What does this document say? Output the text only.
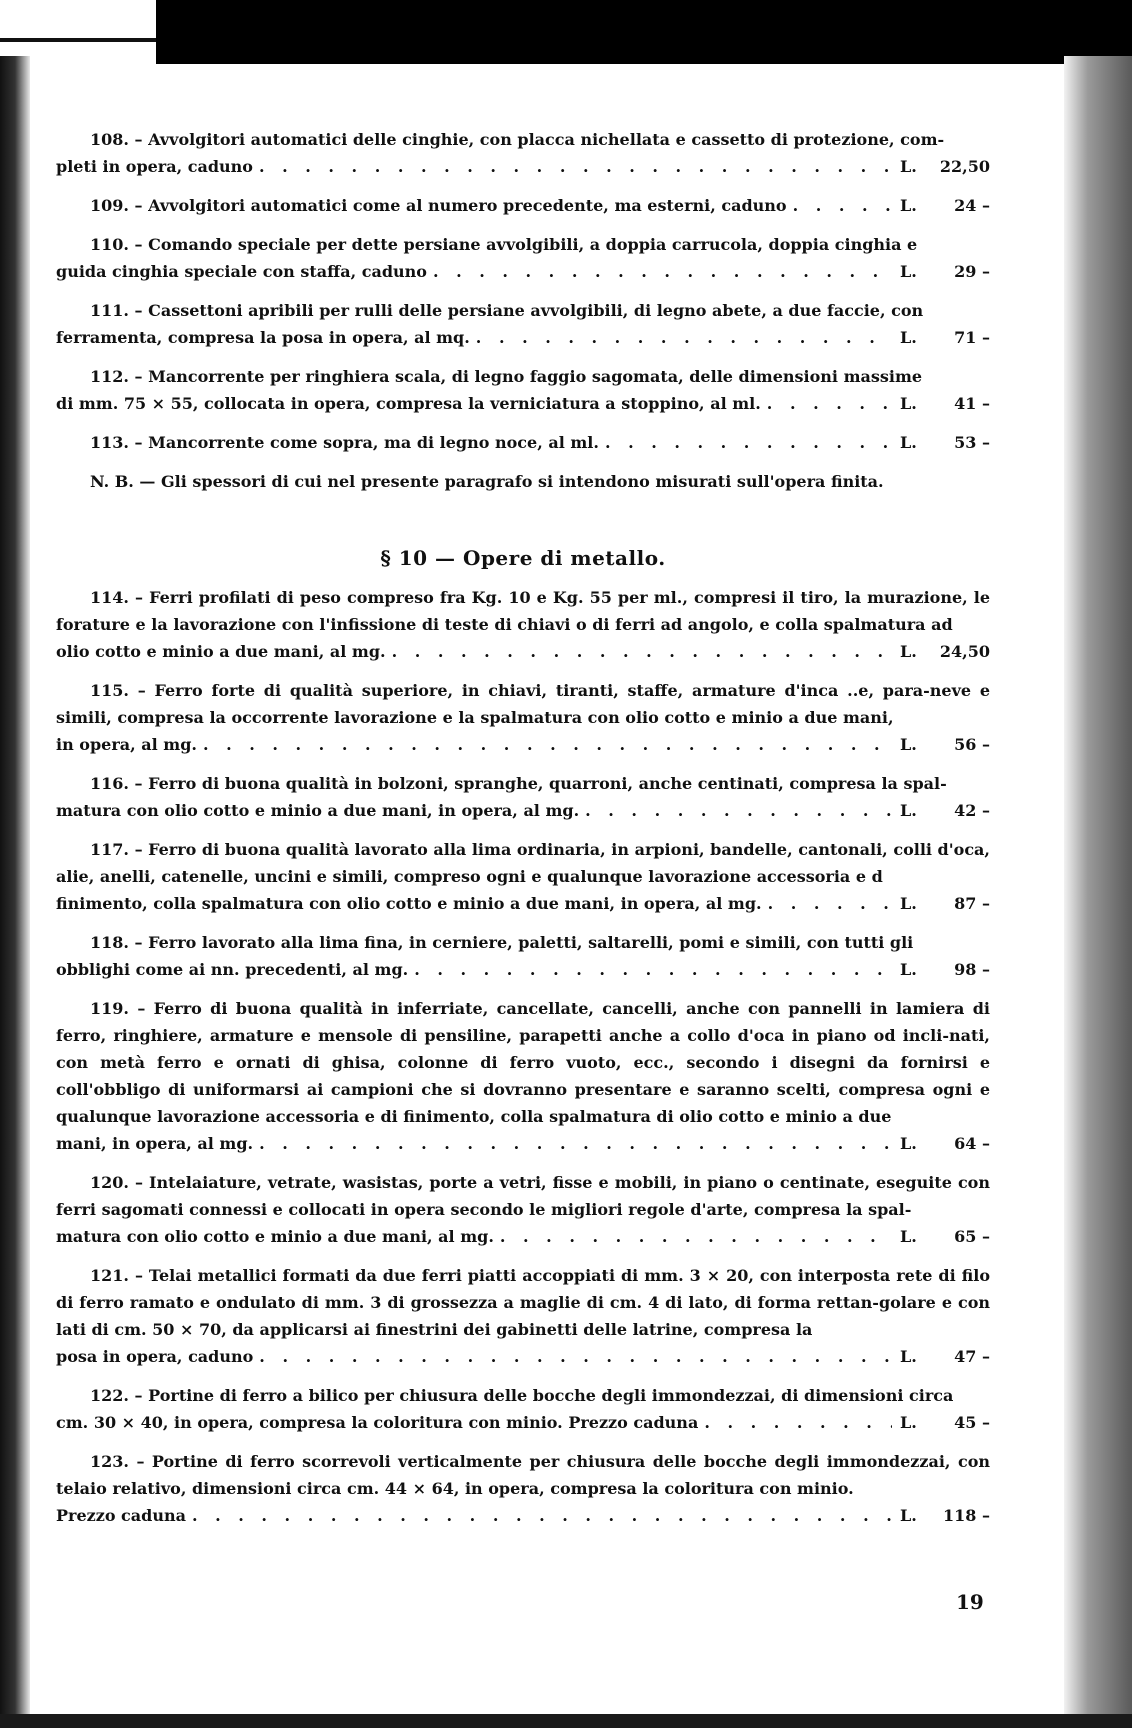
108. – Avvolgitori automatici delle cinghie, con placca nichellata e cassetto di protezione, com-

pleti in opera, caduno . . .	L. 22,50
109. – Avvolgitori automatici come al numero precedente, ma esterni, caduno . . .	L. 24 –

110. – Comando speciale per dette persiane avvolgibili, a doppia carrucola, doppia cinghia e

guida cinghia speciale con staffa, caduno . . .	L. 29 –

111. – Cassettoni apribili per rulli delle persiane avvolgibili, di legno abete, a due faccie, con

ferramenta, compresa la posa in opera, al mq. . . .	L. 71 –

112. – Mancorrente per ringhiera scala, di legno faggio sagomata, delle dimensioni massime

di mm. 75 × 55, collocata in opera, compresa la verniciatura a stoppino, al ml. . . .	L. 41 –
113. – Mancorrente come sopra, ma di legno noce, al ml. . . .	L. 53 –

N. B. — Gli spessori di cui nel presente paragrafo si intendono misurati sull'opera finita.

§ 10 — Opere di metallo.

114. – Ferri profilati di peso compreso fra Kg. 10 e Kg. 55 per ml., compresi il tiro, la murazione, le forature e la lavorazione con l'infissione di teste di chiavi o di ferri ad angolo, e colla spalmatura ad

olio cotto e minio a due mani, al mg. . . .	L. 24,50

115. – Ferro forte di qualità superiore, in chiavi, tiranti, staffe, armature d'inca ..e, para-neve e simili, compresa la occorrente lavorazione e la spalmatura con olio cotto e minio a due mani,

in opera, al mg. . . .	L. 56 –

116. – Ferro di buona qualità in bolzoni, spranghe, quarroni, anche centinati, compresa la spal-

matura con olio cotto e minio a due mani, in opera, al mg. . . .	L. 42 –

117. – Ferro di buona qualità lavorato alla lima ordinaria, in arpioni, bandelle, cantonali, colli d'oca, alie, anelli, catenelle, uncini e simili, compreso ogni e qualunque lavorazione accessoria e d

finimento, colla spalmatura con olio cotto e minio a due mani, in opera, al mg. . . .	L. 87 –

118. – Ferro lavorato alla lima fina, in cerniere, paletti, saltarelli, pomi e simili, con tutti gli

obblighi come ai nn. precedenti, al mg. . . .	L. 98 –

119. – Ferro di buona qualità in inferriate, cancellate, cancelli, anche con pannelli in lamiera di ferro, ringhiere, armature e mensole di pensiline, parapetti anche a collo d'oca in piano od incli-nati, con metà ferro e ornati di ghisa, colonne di ferro vuoto, ecc., secondo i disegni da fornirsi e coll'obbligo di uniformarsi ai campioni che si dovranno presentare e saranno scelti, compresa ogni e qualunque lavorazione accessoria e di finimento, colla spalmatura di olio cotto e minio a due

mani, in opera, al mg. . . .	L. 64 –

120. – Intelaiature, vetrate, wasistas, porte a vetri, fisse e mobili, in piano o centinate, eseguite con ferri sagomati connessi e collocati in opera secondo le migliori regole d'arte, compresa la spal-

matura con olio cotto e minio a due mani, al mg. . . .	L. 65 –

121. – Telai metallici formati da due ferri piatti accoppiati di mm. 3 × 20, con interposta rete di filo di ferro ramato e ondulato di mm. 3 di grossezza a maglie di cm. 4 di lato, di forma rettan-golare e con lati di cm. 50 × 70, da applicarsi ai finestrini dei gabinetti delle latrine, compresa la

posa in opera, caduno . . .	L. 47 –

122. – Portine di ferro a bilico per chiusura delle bocche degli immondezzai, di dimensioni circa

cm. 30 × 40, in opera, compresa la coloritura con minio. Prezzo caduna . . .	L. 45 –

123. – Portine di ferro scorrevoli verticalmente per chiusura delle bocche degli immondezzai, con telaio relativo, dimensioni circa cm. 44 × 64, in opera, compresa la coloritura con minio.

Prezzo caduna . . .	L. 118 –
19
